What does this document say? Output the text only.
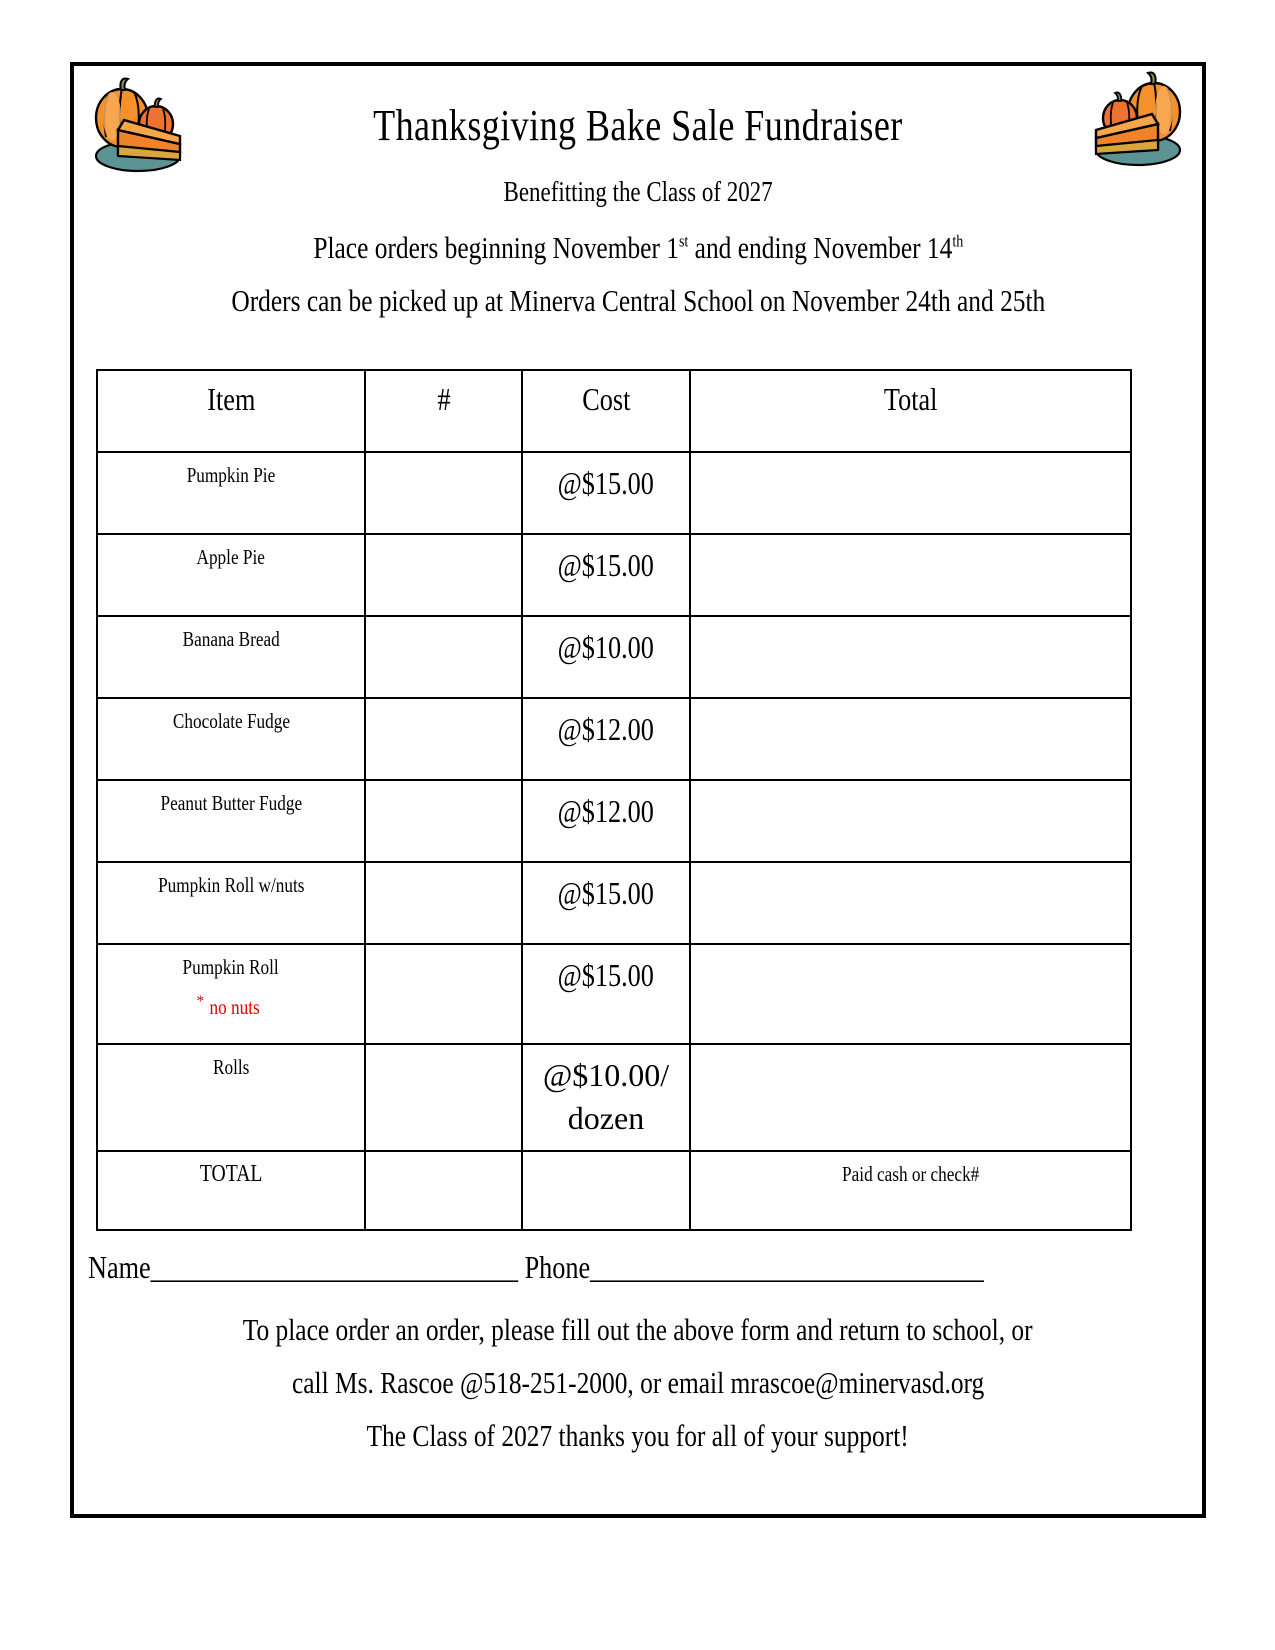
Thanksgiving Bake Sale Fundraiser
Benefitting the Class of 2027
Place orders beginning November 1st and ending November 14th
Orders can be picked up at Minerva Central School on November 24th and 25th
Item	#	Cost	Total

Pumpkin Pie		@$15.00	

Apple Pie		@$15.00	

Banana Bread		@$10.00	

Chocolate Fudge		@$12.00	

Peanut Butter Fudge		@$12.00	

Pumpkin Roll w/nuts		@$15.00	

Pumpkin Roll
* no nuts		@$15.00	

Rolls		@$10.00/ dozen	

TOTAL			Paid cash or check#
Name____________________________ Phone______________________________
To place order an order, please fill out the above form and return to school, or
call Ms. Rascoe @518-251-2000, or email mrascoe@minervasd.org
The Class of 2027 thanks you for all of your support!
